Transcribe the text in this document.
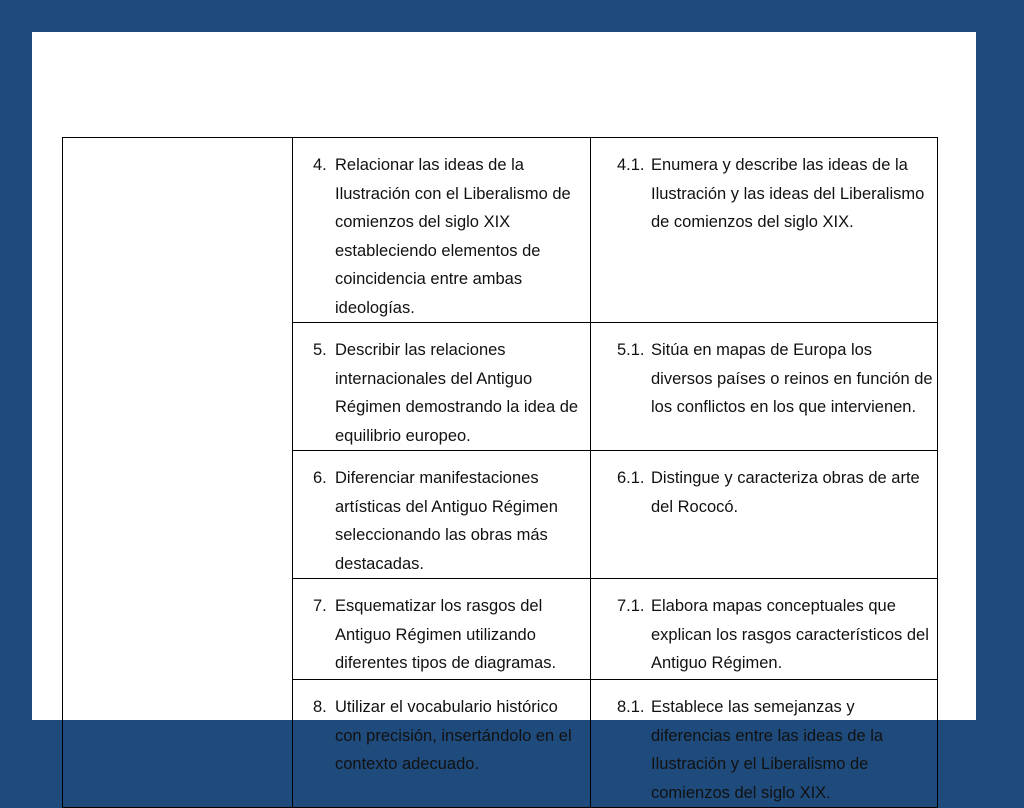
	4. Relacionar las ideas de la Ilustración con el Liberalismo de comienzos del siglo XIX estableciendo elementos de coincidencia entre ambas ideologías.	4.1. Enumera y describe las ideas de la Ilustración y las ideas del Liberalismo de comienzos del siglo XIX.

	5. Describir las relaciones internacionales del Antiguo Régimen demostrando la idea de equilibrio europeo.	5.1. Sitúa en mapas de Europa los diversos países o reinos en función de los conflictos en los que intervienen.

	6. Diferenciar manifestaciones artísticas del Antiguo Régimen seleccionando las obras más destacadas.	6.1. Distingue y caracteriza obras de arte del Rococó.

	7. Esquematizar los rasgos del Antiguo Régimen utilizando diferentes tipos de diagramas.	7.1. Elabora mapas conceptuales que explican los rasgos característicos del Antiguo Régimen.

	8. Utilizar el vocabulario histórico con precisión, insertándolo en el contexto adecuado.	8.1. Establece las semejanzas y diferencias entre las ideas de la Ilustración y el Liberalismo de comienzos del siglo XIX.
